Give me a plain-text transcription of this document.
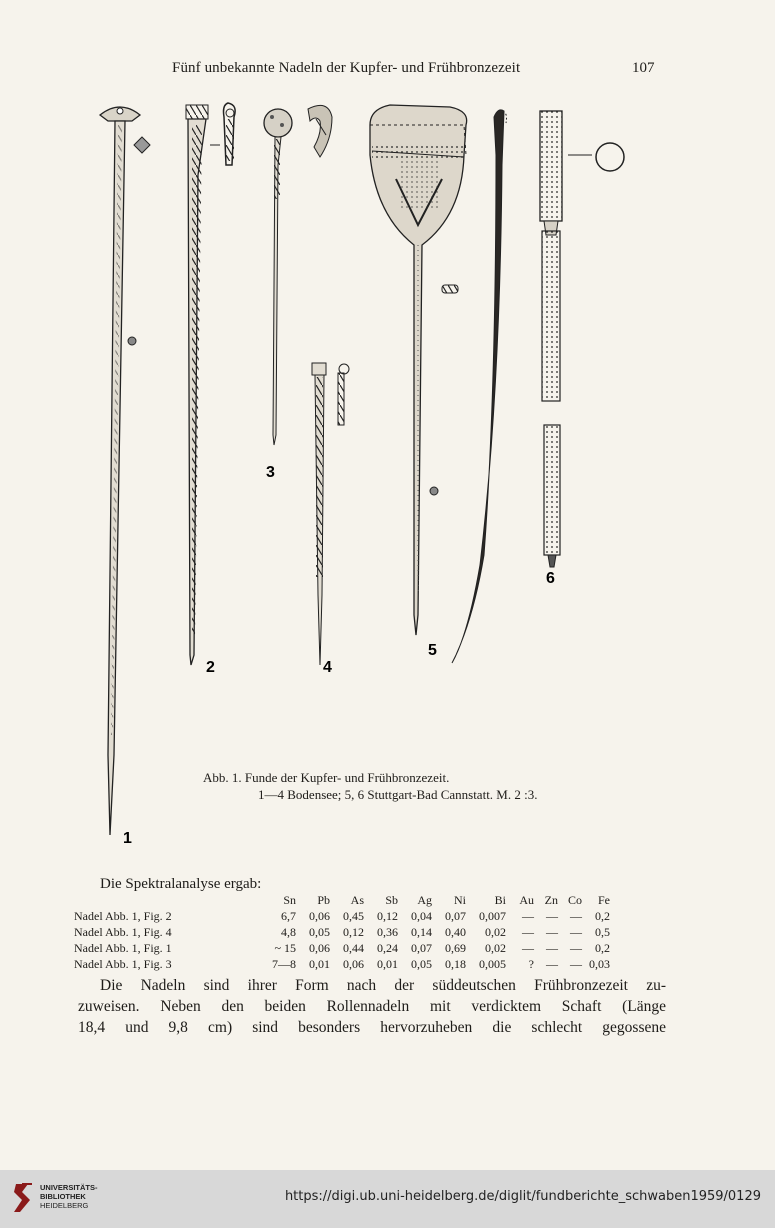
Fünf unbekannte Nadeln der Kupfer- und Frühbronzezeit	107
1
2
3
4
5
6
Abb. 1. Funde der Kupfer- und Frühbronzezeit.
1—4 Bodensee; 5, 6 Stuttgart-Bad Cannstatt. M. 2 :3.
Die Spektralanalyse ergab:
	Sn	Pb	As	Sb	Ag	Ni	Bi	Au	Zn	Co	Fe
Nadel Abb. 1, Fig. 2	6,7	0,06	0,45	0,12	0,04	0,07	0,007	—	—	—	0,2
Nadel Abb. 1, Fig. 4	4,8	0,05	0,12	0,36	0,14	0,40	0,02	—	—	—	0,5
Nadel Abb. 1, Fig. 1	~ 15	0,06	0,44	0,24	0,07	0,69	0,02	—	—	—	0,2
Nadel Abb. 1, Fig. 3	7—8	0,01	0,06	0,01	0,05	0,18	0,005	?	—	—	0,03
Die Nadeln sind ihrer Form nach der süddeutschen Frühbronzezeit zu-
zuweisen. Neben den beiden Rollennadeln mit verdicktem Schaft (Länge
18,4 und 9,8 cm) sind besonders hervorzuheben die schlecht gegossene
UNIVERSITÄTS-
BIBLIOTHEK
HEIDELBERG
https://digi.ub.uni-heidelberg.de/diglit/fundberichte_schwaben1959/0129
